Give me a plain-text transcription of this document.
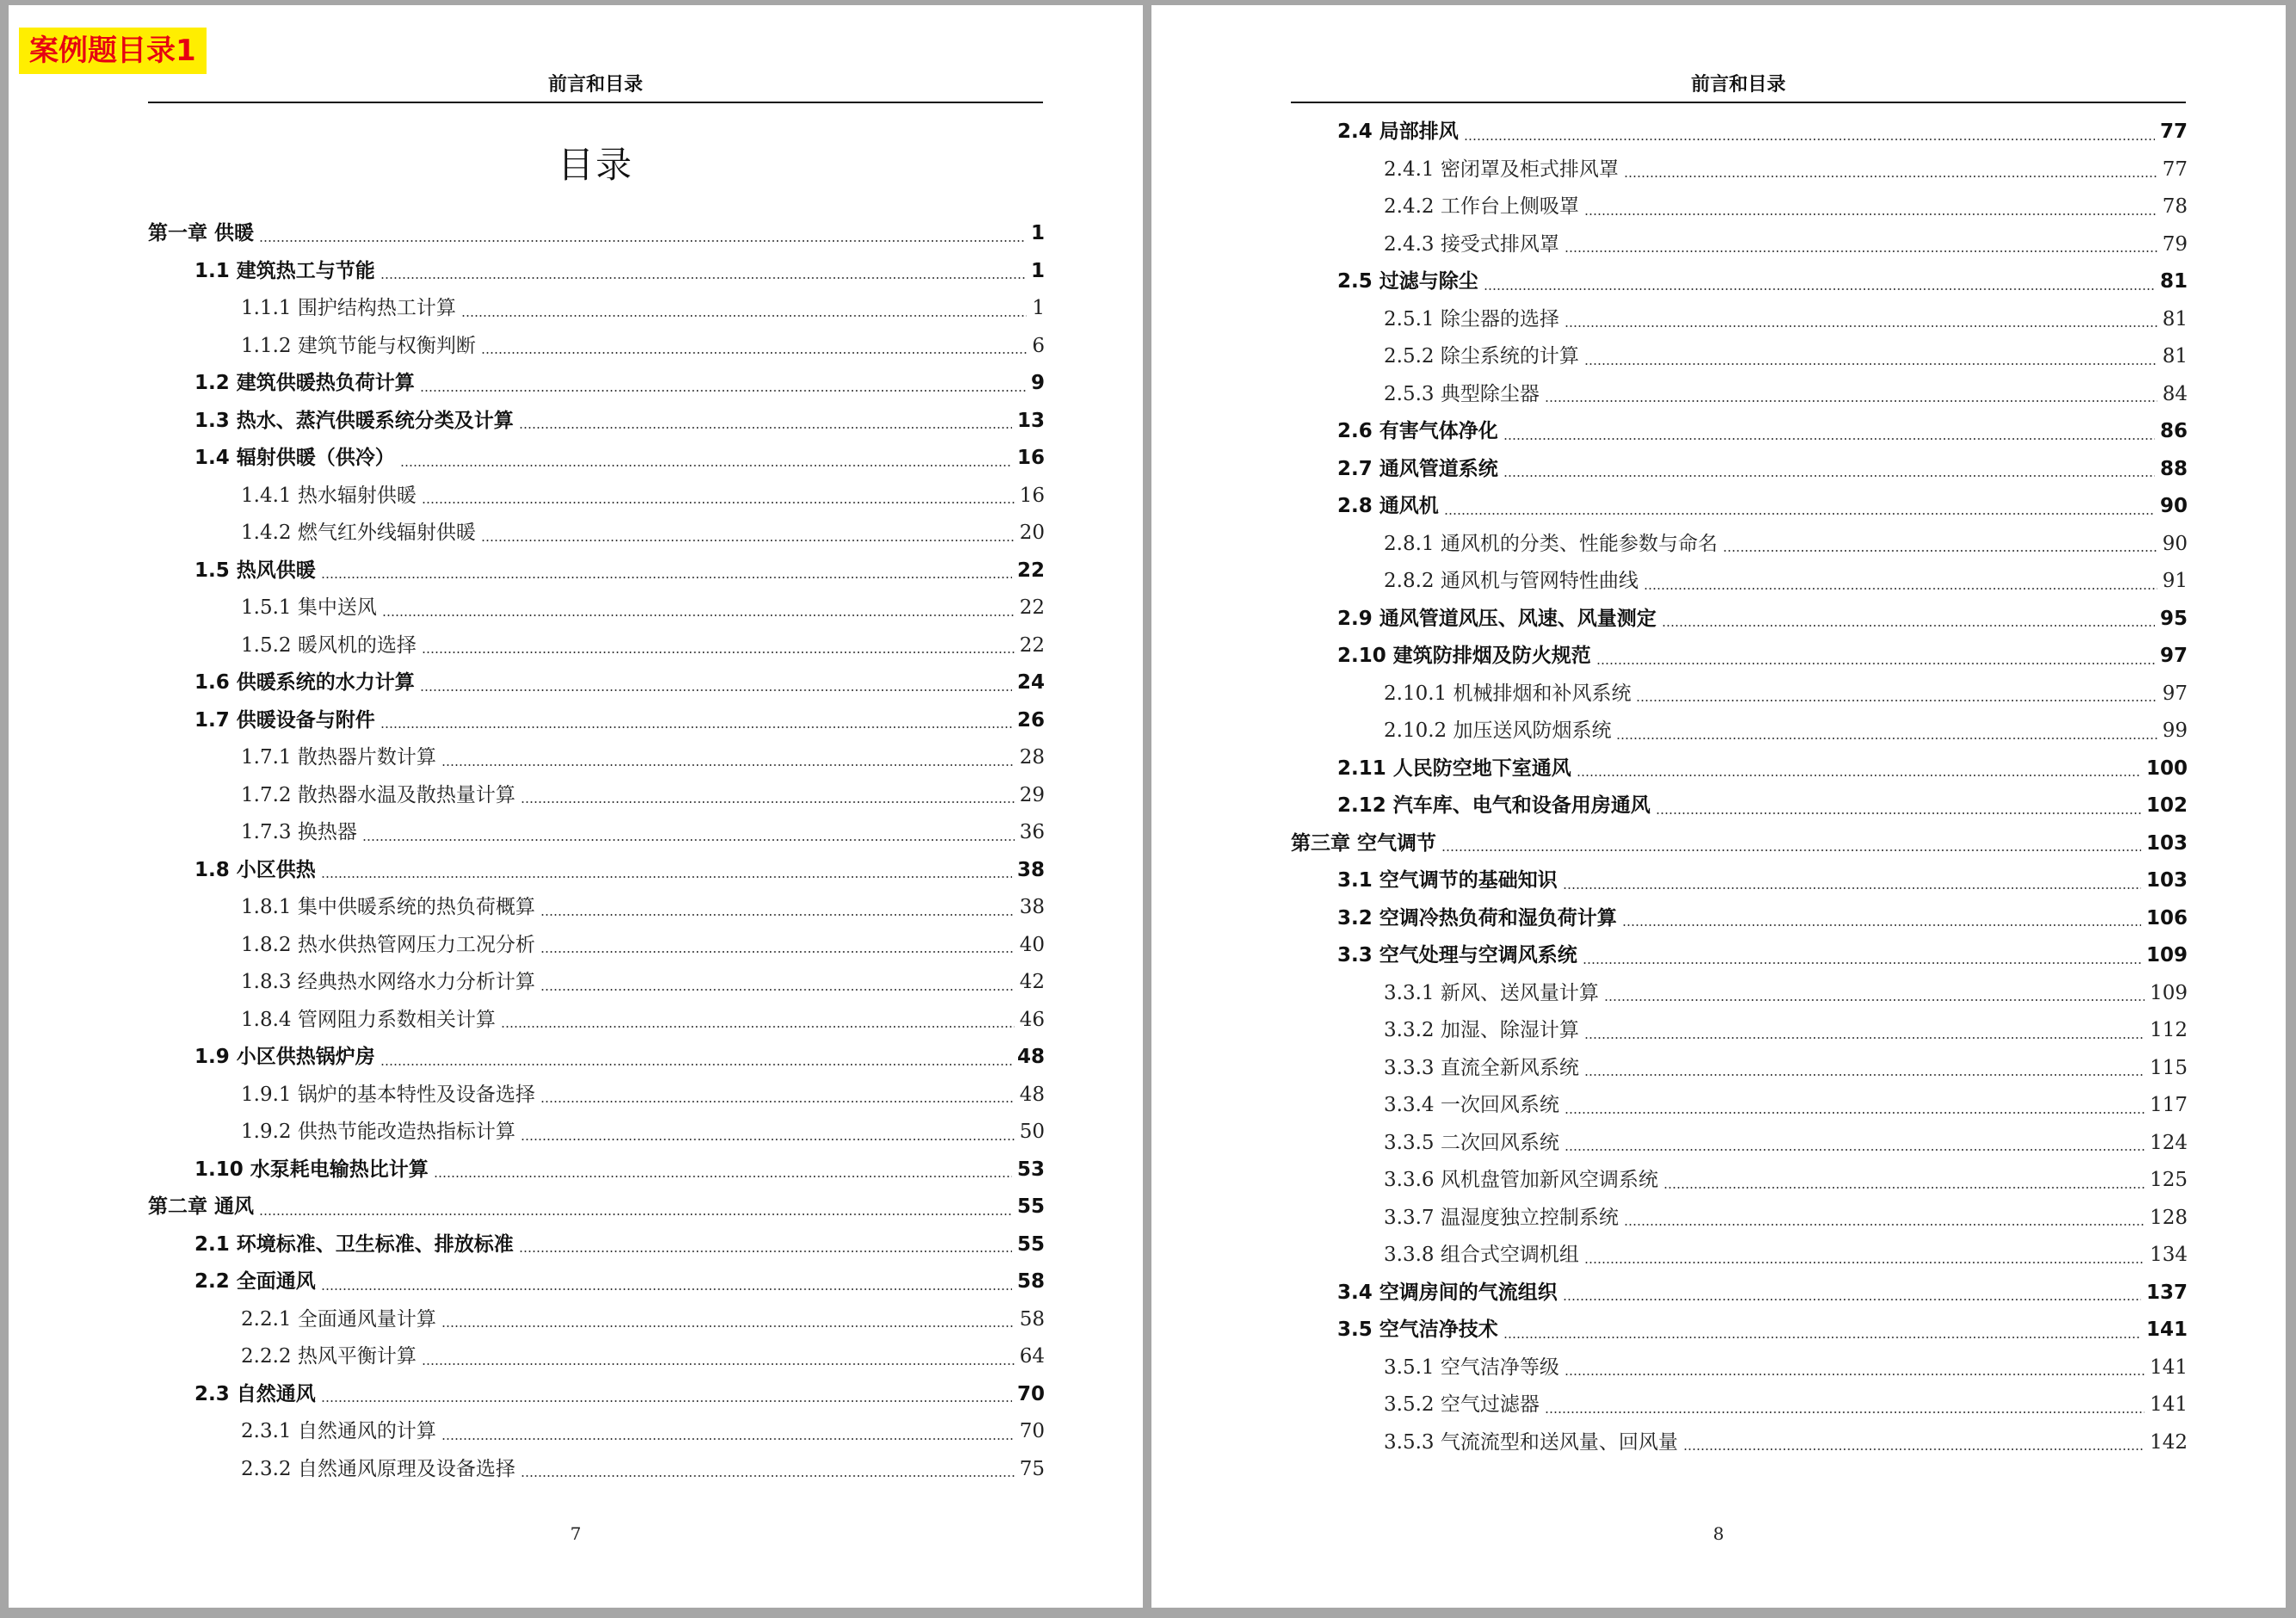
案例题目录1
前言和目录
目录
第一章 供暖	1
1.1 建筑热工与节能	1
1.1.1 围护结构热工计算	1
1.1.2 建筑节能与权衡判断	6
1.2 建筑供暖热负荷计算	9
1.3 热水、蒸汽供暖系统分类及计算	13
1.4 辐射供暖（供冷）	16
1.4.1 热水辐射供暖	16
1.4.2 燃气红外线辐射供暖	20
1.5 热风供暖	22
1.5.1 集中送风	22
1.5.2 暖风机的选择	22
1.6 供暖系统的水力计算	24
1.7 供暖设备与附件	26
1.7.1 散热器片数计算	28
1.7.2 散热器水温及散热量计算	29
1.7.3 换热器	36
1.8 小区供热	38
1.8.1 集中供暖系统的热负荷概算	38
1.8.2 热水供热管网压力工况分析	40
1.8.3 经典热水网络水力分析计算	42
1.8.4 管网阻力系数相关计算	46
1.9 小区供热锅炉房	48
1.9.1 锅炉的基本特性及设备选择	48
1.9.2 供热节能改造热指标计算	50
1.10 水泵耗电输热比计算	53
第二章 通风	55
2.1 环境标准、卫生标准、排放标准	55
2.2 全面通风	58
2.2.1 全面通风量计算	58
2.2.2 热风平衡计算	64
2.3 自然通风	70
2.3.1 自然通风的计算	70
2.3.2 自然通风原理及设备选择	75
7
前言和目录
2.4 局部排风	77
2.4.1 密闭罩及柜式排风罩	77
2.4.2 工作台上侧吸罩	78
2.4.3 接受式排风罩	79
2.5 过滤与除尘	81
2.5.1 除尘器的选择	81
2.5.2 除尘系统的计算	81
2.5.3 典型除尘器	84
2.6 有害气体净化	86
2.7 通风管道系统	88
2.8 通风机	90
2.8.1 通风机的分类、性能参数与命名	90
2.8.2 通风机与管网特性曲线	91
2.9 通风管道风压、风速、风量测定	95
2.10 建筑防排烟及防火规范	97
2.10.1 机械排烟和补风系统	97
2.10.2 加压送风防烟系统	99
2.11 人民防空地下室通风	100
2.12 汽车库、电气和设备用房通风	102
第三章 空气调节	103
3.1 空气调节的基础知识	103
3.2 空调冷热负荷和湿负荷计算	106
3.3 空气处理与空调风系统	109
3.3.1 新风、送风量计算	109
3.3.2 加湿、除湿计算	112
3.3.3 直流全新风系统	115
3.3.4 一次回风系统	117
3.3.5 二次回风系统	124
3.3.6 风机盘管加新风空调系统	125
3.3.7 温湿度独立控制系统	128
3.3.8 组合式空调机组	134
3.4 空调房间的气流组织	137
3.5 空气洁净技术	141
3.5.1 空气洁净等级	141
3.5.2 空气过滤器	141
3.5.3 气流流型和送风量、回风量	142
8
